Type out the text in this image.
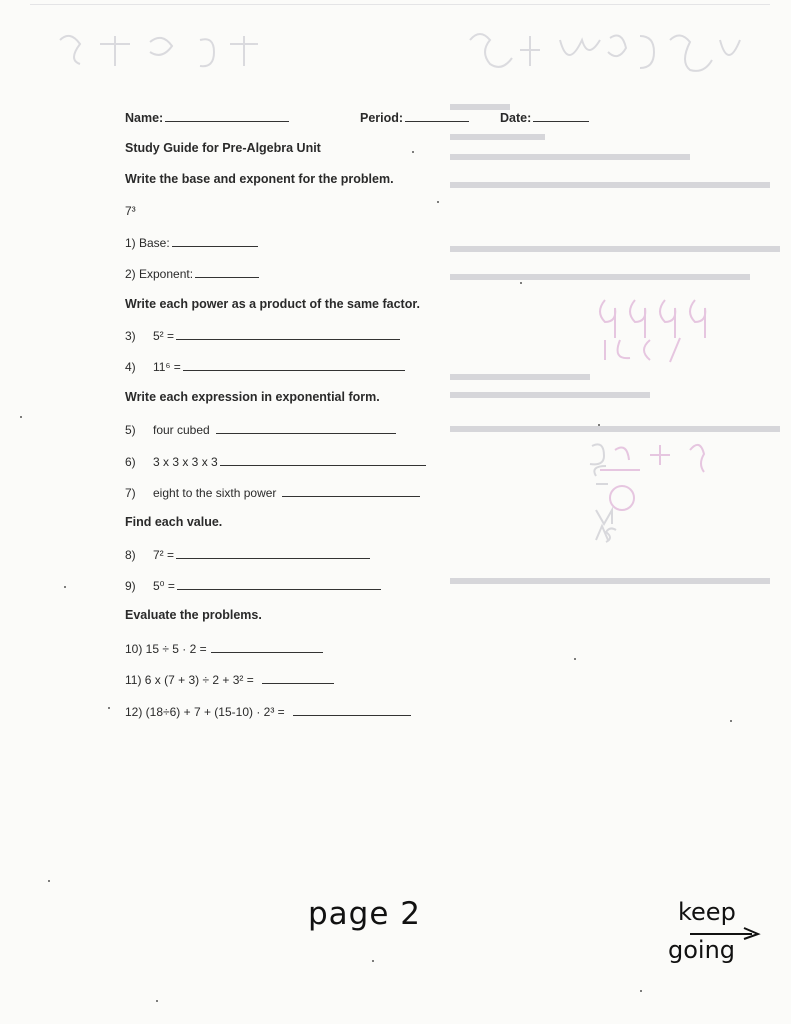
Name:	Period:	Date:
Study Guide for Pre-Algebra Unit
Write the base and exponent for the problem.
7³
1) Base:
2) Exponent:
Write each power as a product of the same factor.
3) 5² =
4) 11⁶ =
Write each expression in exponential form.
5) four cubed
6) 3 x 3 x 3 x 3
7) eight to the sixth power
Find each value.
8) 7² =
9) 5⁰ =
Evaluate the problems.
10) 15 ÷ 5 · 2 =
11) 6 x (7 + 3) ÷ 2 + 3² =
12) (18÷6) + 7 + (15-10) · 2³ =
page 2	keep
going
